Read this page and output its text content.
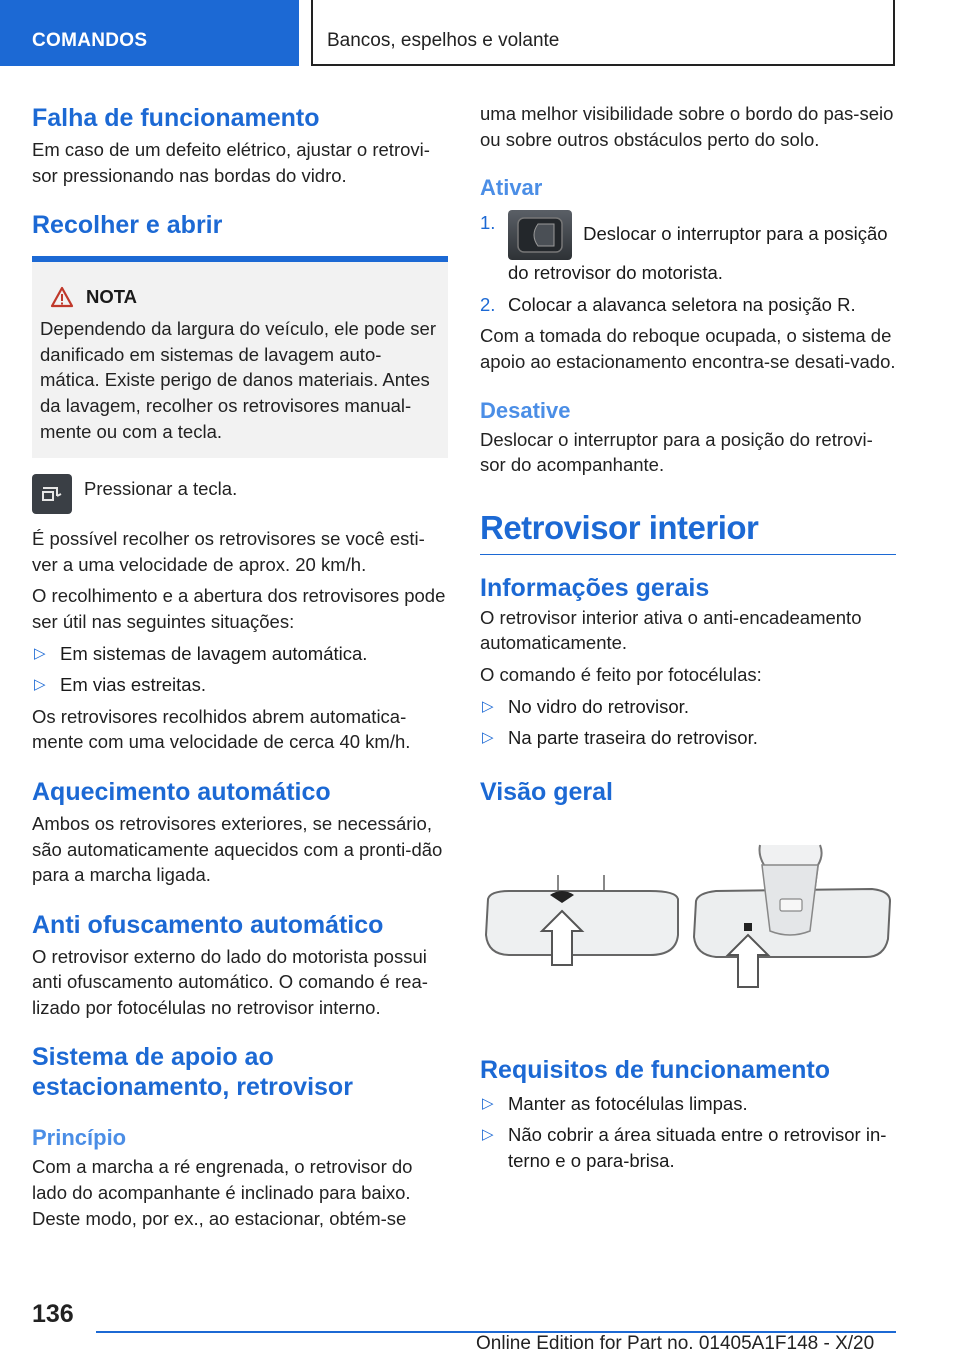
COMANDOS	Bancos, espelhos e volante
Falha de funcionamento

Em caso de um defeito elétrico, ajustar o retrovi-sor pressionando nas bordas do vidro.

Recolher e abrir
NOTA

Dependendo da largura do veículo, ele pode ser danificado em sistemas de lavagem auto-mática. Existe perigo de danos materiais. Antes da lavagem, recolher os retrovisores manual-mente ou com a tecla.

Pressionar a tecla.

É possível recolher os retrovisores se você esti-ver a uma velocidade de aprox. 20 km/h.

O recolhimento e a abertura dos retrovisores pode ser útil nas seguintes situações:

▷ Em sistemas de lavagem automática.
▷ Em vias estreitas.

Os retrovisores recolhidos abrem automatica-mente com uma velocidade de cerca 40 km/h.

Aquecimento automático

Ambos os retrovisores exteriores, se necessário, são automaticamente aquecidos com a pronti-dão para a marcha ligada.

Anti ofuscamento automático

O retrovisor externo do lado do motorista possui anti ofuscamento automático. O comando é rea-lizado por fotocélulas no retrovisor interno.

Sistema de apoio ao estacionamento, retrovisor
Princípio

Com a marcha a ré engrenada, o retrovisor do lado do acompanhante é inclinado para baixo. Deste modo, por ex., ao estacionar, obtém-se

uma melhor visibilidade sobre o bordo do pas-seio ou sobre outros obstáculos perto do solo.

Ativar
1.
Deslocar o interruptor para a posição do retrovisor do motorista.
2. Colocar a alavanca seletora na posição R.

Com a tomada do reboque ocupada, o sistema de apoio ao estacionamento encontra-se desati-vado.

Desative

Deslocar o interruptor para a posição do retrovi-sor do acompanhante.

Retrovisor interior
Informações gerais

O retrovisor interior ativa o anti-encadeamento automaticamente.

O comando é feito por fotocélulas:

▷ No vidro do retrovisor.
▷ Na parte traseira do retrovisor.
Visão geral
Requisitos de funcionamento
▷ Manter as fotocélulas limpas.
▷ Não cobrir a área situada entre o retrovisor in-terno e o para-brisa.
136
Online Edition for Part no. 01405A1F148 - X/20
